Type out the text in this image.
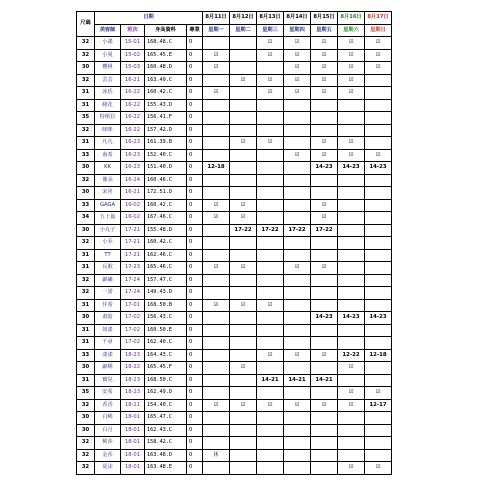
尺碼	日期				8月11日	8月12日	8月13日	8月14日	8月15日	8月16日	8月17日
	美容師	班次	身高資料	專業	星期一	星期二	星期三	星期四	星期五	星期六	星期日
32	小謠	15-01	168.48.C	0			☑	☑	☑	☑	☑
32	小曼	15-02	165.45.E	0	☑		☑	☑	☑	☑	☑
30	櫻桃	15-03	160.48.D	0	☑			☑	☑	☑	☑
32	芸芸	16-21	163.40.C	0		☑	☑	☑	☑	☑	
31	冰恬	16-22	160.42.C	0	☑		☑	☑	☑	☑	
31	緣花	16-22	155.43.D	0							
35	特斯拉	16-22	156.41.F	0							
32	咪咪	16-22	157.42.D	0							
31	凡凡	16-23	161.39.B	0		☑	☑		☑	☑	
33	南希	16-23	152.40.C	0				☑	☑	☑	☑
30	KK	16-23	151.40.D	0	12-18				14-23	14-23	14-23
32	豫朵	16-24	160.46.C	0							
30	宋喜	16-21	172.51.D	0							
33	GAGA	16-02	160.42.C	0	☑	☑			☑		
34	五十嵐	16-02	167.46.C	0	☑	☑			☑		
30	小丸子	17-21	155.48.D	0		17-22	17-22	17-22	17-22		
32	小乔	17-21	160.42.C	0							
31	TT	17-21	162.46.C	0							
31	長歌	17-23	165.46.C	0	☑	☑		☑	☑		
32	錦繡	17-24	157.47.C	0							
32	一諾	17-24	149.43.D	0							
31	佳希	17-01	168.50.B	0	☑	☑	☑				
30	畫暗	17-02	156.43.C	0					14-23	14-23	14-23
31	如漆	17-02	160.50.E	0							
31	千尋	17-02	162.40.C	0							
33	漾漾	18-23	164.43.C	0			☑	☑	☑	12-22	12-18
30	錦綉	18-22	165.45.F	0		☑				☑	
31	寶兒	18-23	168.50.C	0			14-21	14-21	14-21		
35	安希	18-23	162.49.D	0						☑	☑
32	香香	18-21	154.40.C	0	☑	☑	☑	☑	☑	☑	12-17
30	白曉	18-01	165.47.C	0							
30	白月	18-01	162.43.C	0							
32	桃莎	18-01	158.42.C	0							
32	金莎	18-01	163.48.D	0	休						
32	夏沫	18-01	163.48.E	0						☑	☑
